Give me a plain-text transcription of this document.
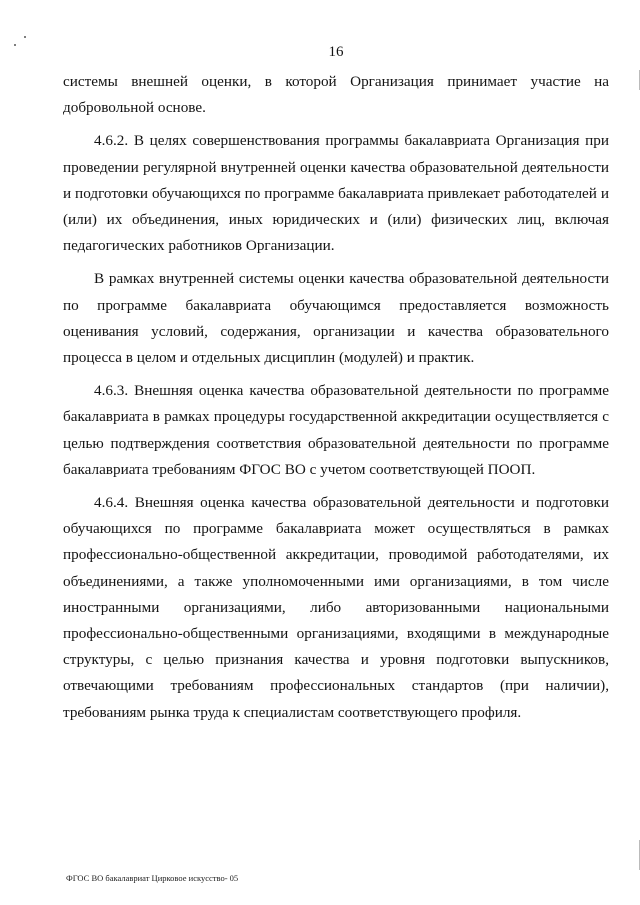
16

системы внешней оценки, в которой Организация принимает участие на добровольной основе.

4.6.2. В целях совершенствования программы бакалавриата Организация при проведении регулярной внутренней оценки качества образовательной деятельности и подготовки обучающихся по программе бакалавриата привлекает работодателей и (или) их объединения, иных юридических и (или) физических лиц, включая педагогических работников Организации.

В рамках внутренней системы оценки качества образовательной деятельности по программе бакалавриата обучающимся предоставляется возможность оценивания условий, содержания, организации и качества образовательного процесса в целом и отдельных дисциплин (модулей) и практик.

4.6.3. Внешняя оценка качества образовательной деятельности по программе бакалавриата в рамках процедуры государственной аккредитации осуществляется с целью подтверждения соответствия образовательной деятельности по программе бакалавриата требованиям ФГОС ВО с учетом соответствующей ПООП.

4.6.4. Внешняя оценка качества образовательной деятельности и подготовки обучающихся по программе бакалавриата может осуществляться в рамках профессионально-общественной аккредитации, проводимой работодателями, их объединениями, а также уполномоченными ими организациями, в том числе иностранными организациями, либо авторизованными национальными профессионально-общественными организациями, входящими в международные структуры, с целью признания качества и уровня подготовки выпускников, отвечающими требованиям профессиональных стандартов (при наличии), требованиям рынка труда к специалистам соответствующего профиля.

ФГОС ВО бакалавриат Цирковое искусство- 05
